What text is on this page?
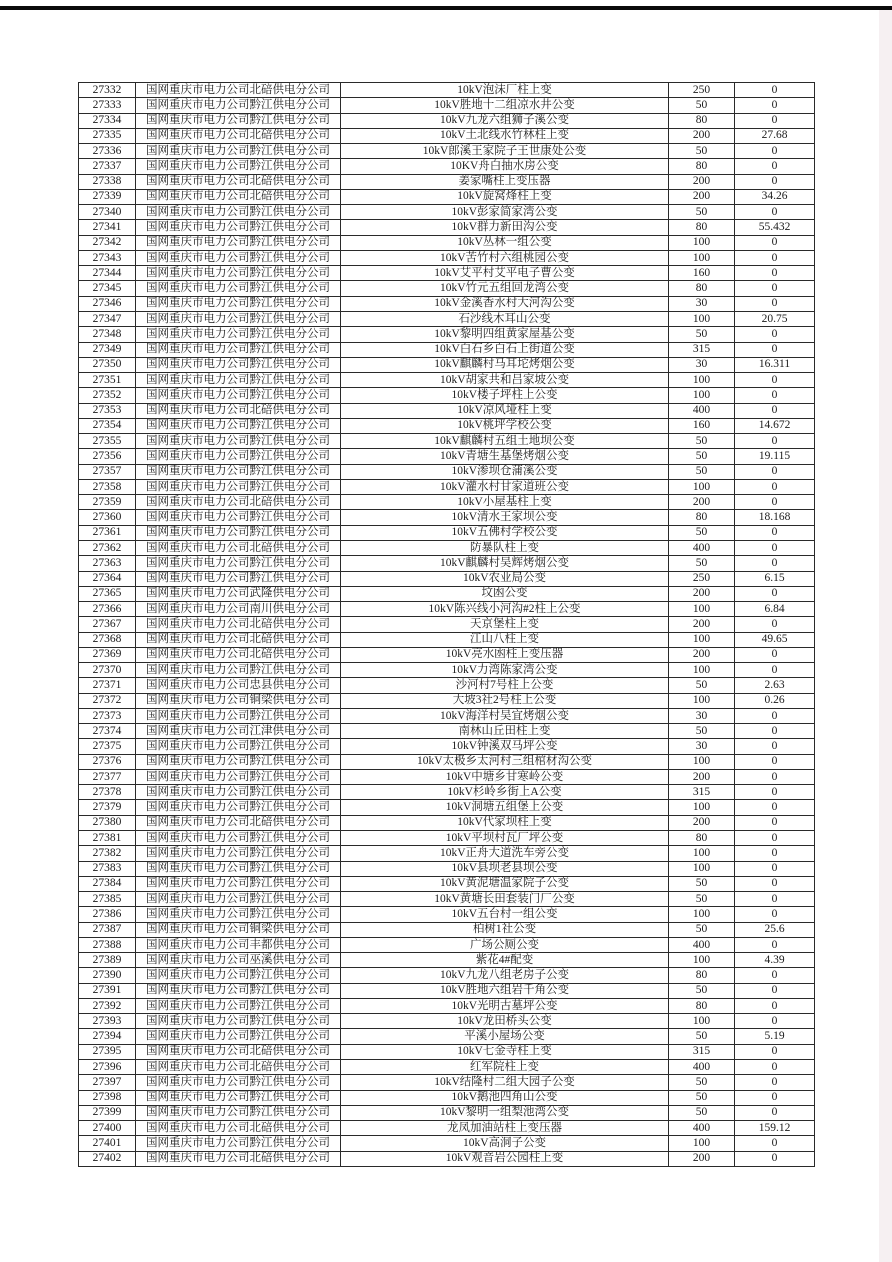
27332	国网重庆市电力公司北碚供电分公司	10kV泡沫厂柱上变	250	0
27333	国网重庆市电力公司黔江供电分公司	10kV胜地十二组凉水井公变	50	0
27334	国网重庆市电力公司黔江供电分公司	10kV九龙六组狮子溪公变	80	0
27335	国网重庆市电力公司北碚供电分公司	10kV土北线水竹林柱上变	200	27.68
27336	国网重庆市电力公司黔江供电分公司	10kV郎溪王家院子王世康处公变	50	0
27337	国网重庆市电力公司黔江供电分公司	10KV舟白抽水房公变	80	0
27338	国网重庆市电力公司北碚供电分公司	姜家嘴柱上变压器	200	0
27339	国网重庆市电力公司北碚供电分公司	10kV旋窝烽柱上变	200	34.26
27340	国网重庆市电力公司黔江供电分公司	10kV彭家简家湾公变	50	0
27341	国网重庆市电力公司黔江供电分公司	10kV群力新田沟公变	80	55.432
27342	国网重庆市电力公司黔江供电分公司	10kV丛林一组公变	100	0
27343	国网重庆市电力公司黔江供电分公司	10kV苦竹村六组桃园公变	100	0
27344	国网重庆市电力公司黔江供电分公司	10kV艾平村艾平电子曹公变	160	0
27345	国网重庆市电力公司黔江供电分公司	10kV竹元五组回龙湾公变	80	0
27346	国网重庆市电力公司黔江供电分公司	10kV金溪香水村大河沟公变	30	0
27347	国网重庆市电力公司黔江供电分公司	石沙线木耳山公变	100	20.75
27348	国网重庆市电力公司黔江供电分公司	10kV黎明四组黄家屋基公变	50	0
27349	国网重庆市电力公司黔江供电分公司	10kV白石乡白石上街道公变	315	0
27350	国网重庆市电力公司黔江供电分公司	10kV麒麟村马耳坨烤烟公变	30	16.311
27351	国网重庆市电力公司黔江供电分公司	10kV胡家共和吕家坡公变	100	0
27352	国网重庆市电力公司黔江供电分公司	10kV楼子坪柱上公变	100	0
27353	国网重庆市电力公司北碚供电分公司	10kV凉风垭柱上变	400	0
27354	国网重庆市电力公司黔江供电分公司	10kV桃坪学校公变	160	14.672
27355	国网重庆市电力公司黔江供电分公司	10kV麒麟村五组土地坝公变	50	0
27356	国网重庆市电力公司黔江供电分公司	10kV青塘生基堡烤烟公变	50	19.115
27357	国网重庆市电力公司黔江供电分公司	10kV渗坝仓蒲溪公变	50	0
27358	国网重庆市电力公司黔江供电分公司	10kV灌水村甘家道班公变	100	0
27359	国网重庆市电力公司北碚供电分公司	10kV小屋基柱上变	200	0
27360	国网重庆市电力公司黔江供电分公司	10kV清水王家坝公变	80	18.168
27361	国网重庆市电力公司黔江供电分公司	10kV五佛村学校公变	50	0
27362	国网重庆市电力公司北碚供电分公司	防暴队柱上变	400	0
27363	国网重庆市电力公司黔江供电分公司	10kV麒麟村吴辉烤烟公变	50	0
27364	国网重庆市电力公司黔江供电分公司	10kV农业局公变	250	6.15
27365	国网重庆市电力公司武隆供电分公司	坟凼公变	200	0
27366	国网重庆市电力公司南川供电分公司	10kV陈兴线小河沟#2柱上公变	100	6.84
27367	国网重庆市电力公司北碚供电分公司	天京堡柱上变	200	0
27368	国网重庆市电力公司北碚供电分公司	江山八柱上变	100	49.65
27369	国网重庆市电力公司北碚供电分公司	10kV亮水凼柱上变压器	200	0
27370	国网重庆市电力公司黔江供电分公司	10kV力湾陈家湾公变	100	0
27371	国网重庆市电力公司忠县供电分公司	沙河村7号柱上公变	50	2.63
27372	国网重庆市电力公司铜梁供电分公司	大坡3社2号柱上公变	100	0.26
27373	国网重庆市电力公司黔江供电分公司	10kV海洋村吴宜烤烟公变	30	0
27374	国网重庆市电力公司江津供电分公司	南林山丘田柱上变	50	0
27375	国网重庆市电力公司黔江供电分公司	10kV钟溪双马坪公变	30	0
27376	国网重庆市电力公司黔江供电分公司	10kV太极乡太河村三组棺材沟公变	100	0
27377	国网重庆市电力公司黔江供电分公司	10kV中塘乡甘寒岭公变	200	0
27378	国网重庆市电力公司黔江供电分公司	10kV杉岭乡街上A公变	315	0
27379	国网重庆市电力公司黔江供电分公司	10kV洞塘五组堡上公变	100	0
27380	国网重庆市电力公司北碚供电分公司	10kV代家坝柱上变	200	0
27381	国网重庆市电力公司黔江供电分公司	10kV平坝村瓦厂坪公变	80	0
27382	国网重庆市电力公司黔江供电分公司	10kV正舟大道洗车旁公变	100	0
27383	国网重庆市电力公司黔江供电分公司	10kV县坝老县坝公变	100	0
27384	国网重庆市电力公司黔江供电分公司	10kV黄泥塘温家院子公变	50	0
27385	国网重庆市电力公司黔江供电分公司	10kV黄塘长田套装门厂公变	50	0
27386	国网重庆市电力公司黔江供电分公司	10kV五台村一组公变	100	0
27387	国网重庆市电力公司铜梁供电分公司	柏树1社公变	50	25.6
27388	国网重庆市电力公司丰都供电分公司	广场公厕公变	400	0
27389	国网重庆市电力公司巫溪供电分公司	紫花4#配变	100	4.39
27390	国网重庆市电力公司黔江供电分公司	10kV九龙八组老房子公变	80	0
27391	国网重庆市电力公司黔江供电分公司	10kV胜地六组岩千角公变	50	0
27392	国网重庆市电力公司黔江供电分公司	10kV光明古墓坪公变	80	0
27393	国网重庆市电力公司黔江供电分公司	10kV龙田桥头公变	100	0
27394	国网重庆市电力公司黔江供电分公司	平溪小屋场公变	50	5.19
27395	国网重庆市电力公司北碚供电分公司	10kV七金寺柱上变	315	0
27396	国网重庆市电力公司北碚供电分公司	红军院柱上变	400	0
27397	国网重庆市电力公司黔江供电分公司	10kV结隆村二组大园子公变	50	0
27398	国网重庆市电力公司黔江供电分公司	10kV鹅池四角山公变	50	0
27399	国网重庆市电力公司黔江供电分公司	10kV黎明一组梨池湾公变	50	0
27400	国网重庆市电力公司北碚供电分公司	龙凤加油站柱上变压器	400	159.12
27401	国网重庆市电力公司黔江供电分公司	10kV高洞子公变	100	0
27402	国网重庆市电力公司北碚供电分公司	10kV观音岩公园柱上变	200	0
